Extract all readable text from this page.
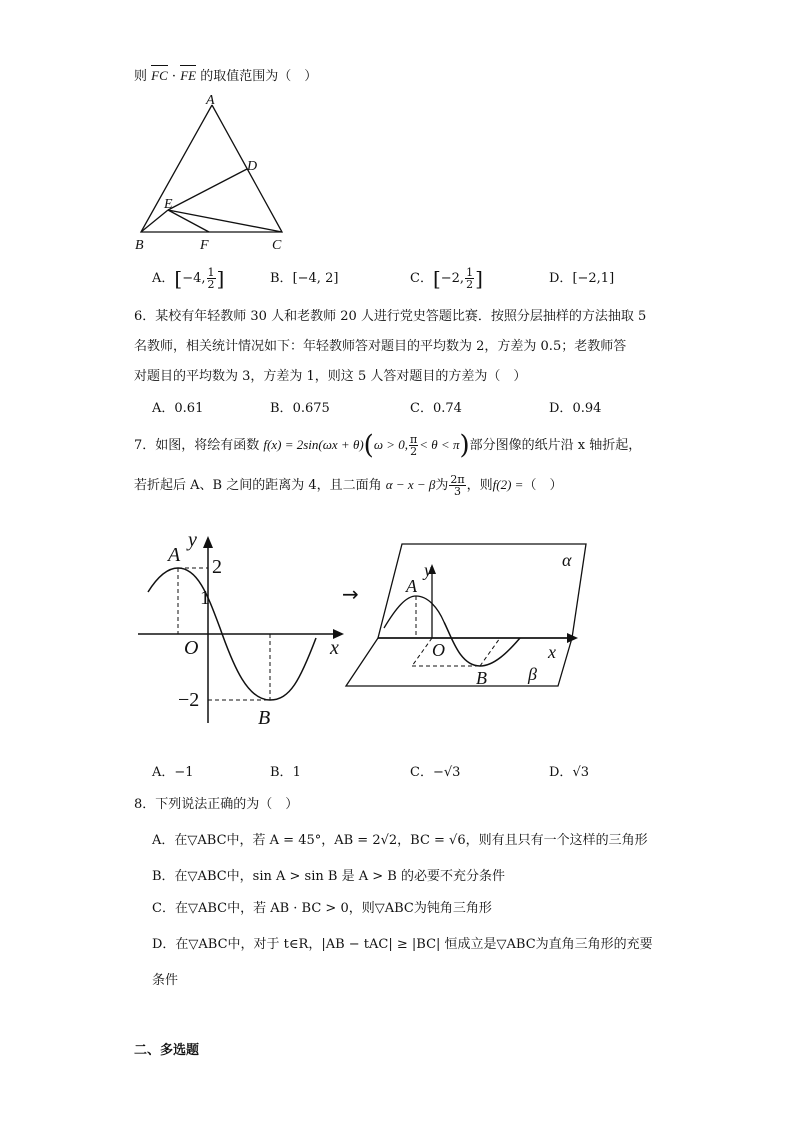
则 FC · FE 的取值范围为（　）
A
D
E
B	F	C
A．[−4, $\frac{1}{2}$ ]	B．[−4, 2]	C．[−2, $\frac{1}{2}$ ]	D．[−2,1]
6．某校有年轻教师 30 人和老教师 20 人进行党史答题比赛．按照分层抽样的方法抽取 5
名教师，相关统计情况如下：年轻教师答对题目的平均数为 2，方差为 0.5；老教师答
对题目的平均数为 3，方差为 1，则这 5 人答对题目的方差为（　）
A．0.61	B．0.675	C．0.74	D．0.94
7．如图，将绘有函数 f(x) = 2sin(ωx + θ)(ω > 0, $\frac{\pi}{2} < \theta < \pi$)部分图像的纸片沿 x 轴折起，
若折起后 A、B 之间的距离为 4，且二面角 α − x − β为 $\frac{2\pi}{3}$ ，则f(2) =（　）
A
y
O	x
B
2
1
−2
→
α
y
A
O	x
B β
A．−1	B．1	C．−√3	D．√3
8．下列说法正确的为（　）
A．在▽ABC中，若 A = 45°，AB = 2√2，BC = √6，则有且只有一个这样的三角形
B．在▽ABC中，sin A > sin B 是 A > B 的必要不充分条件
C．在▽ABC中，若 AB · BC > 0，则▽ABC为钝角三角形
D．在▽ABC中，对于 t∈R，|AB − tAC| ≥ |BC| 恒成立是▽ABC为直角三角形的充要
条件
二、多选题
